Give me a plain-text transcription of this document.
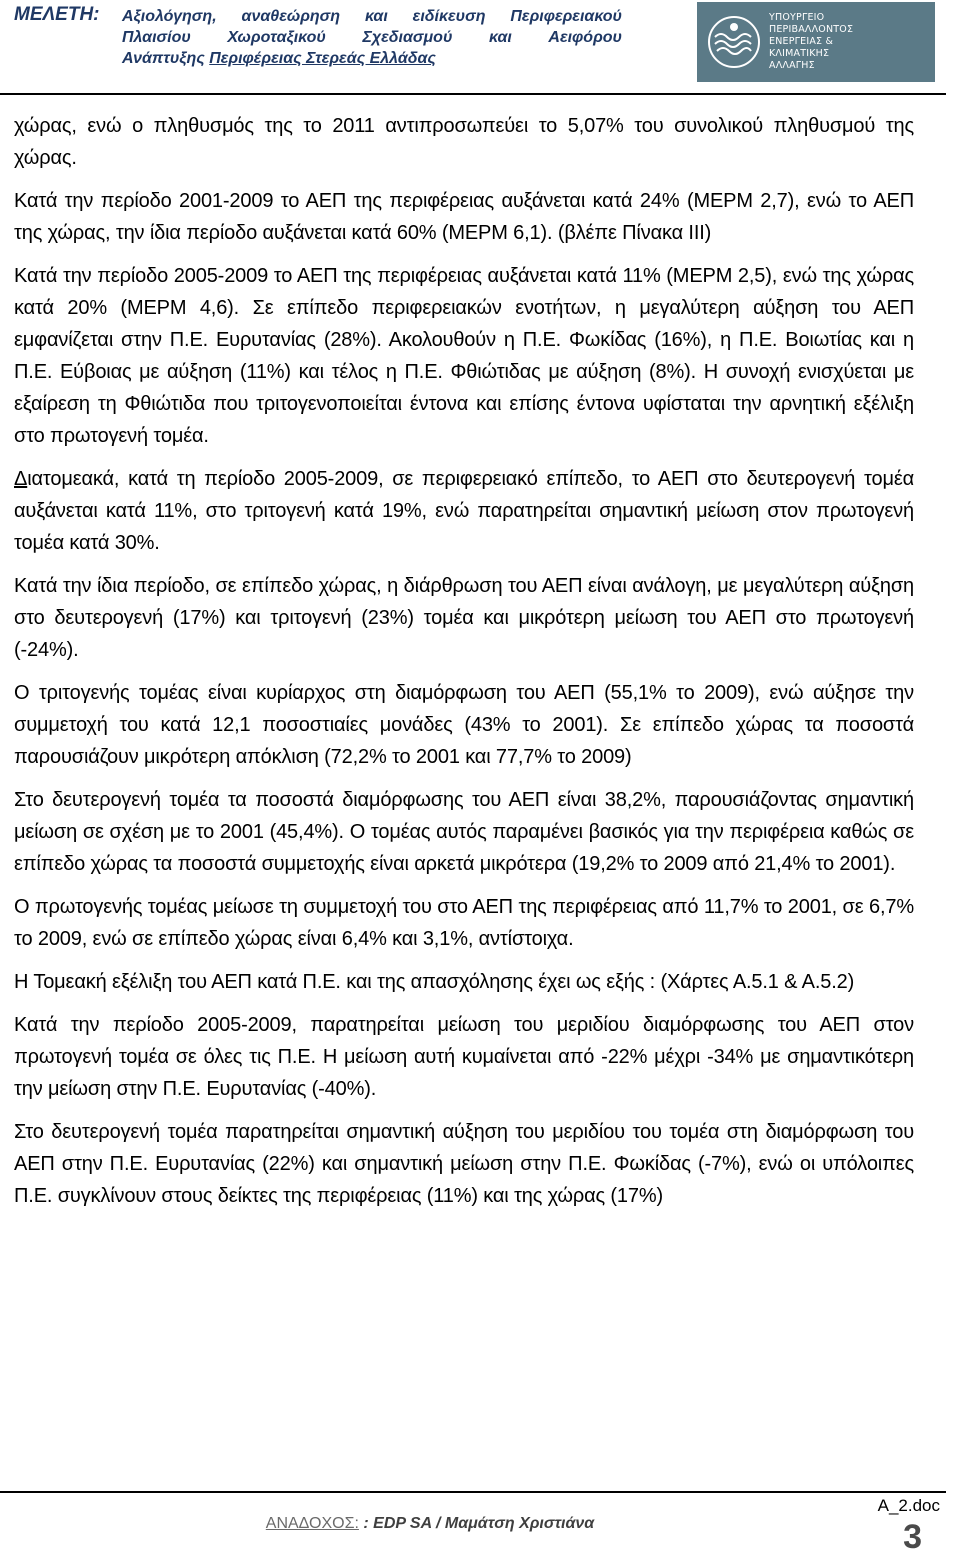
ΜΕΛΕΤΗ: Αξιολόγηση, αναθεώρηση και ειδίκευση Περιφερειακού
Πλαισίου Χωροταξικού Σχεδιασμού και Αειφόρου
Ανάπτυξης Περιφέρειας Στερεάς Ελλάδας
ΥΠΟΥΡΓΕΙΟ
ΠΕΡΙΒΑΛΛΟΝΤΟΣ
ΕΝΕΡΓΕΙΑΣ &
ΚΛΙΜΑΤΙΚΗΣ
ΑΛΛΑΓΗΣ

χώρας, ενώ ο πληθυσμός της το 2011 αντιπροσωπεύει το 5,07% του συνολικού πληθυσμού της χώρας.

Κατά την περίοδο 2001-2009 το ΑΕΠ της περιφέρειας αυξάνεται κατά 24% (ΜΕΡΜ 2,7), ενώ το ΑΕΠ της χώρας, την ίδια περίοδο αυξάνεται κατά 60% (ΜΕΡΜ 6,1). (βλέπε Πίνακα ΙΙΙ)

Κατά την περίοδο 2005-2009 το ΑΕΠ της περιφέρειας αυξάνεται κατά 11% (ΜΕΡΜ 2,5), ενώ της χώρας κατά 20% (ΜΕΡΜ 4,6). Σε επίπεδο περιφερειακών ενοτήτων, η μεγαλύτερη αύξηση του ΑΕΠ εμφανίζεται στην Π.Ε. Ευρυτανίας (28%). Ακολουθούν η Π.Ε. Φωκίδας (16%), η Π.Ε. Βοιωτίας και η Π.Ε. Εύβοιας με αύξηση (11%) και τέλος η Π.Ε. Φθιώτιδας με αύξηση (8%). Η συνοχή ενισχύεται με εξαίρεση τη Φθιώτιδα που τριτογενοποιείται έντονα και επίσης έντονα υφίσταται την αρνητική εξέλιξη στο πρωτογενή τομέα.

Διατομεακά, κατά τη περίοδο 2005-2009, σε περιφερειακό επίπεδο, το ΑΕΠ στο δευτερογενή τομέα αυξάνεται κατά 11%, στο τριτογενή κατά 19%, ενώ παρατηρείται σημαντική μείωση στον πρωτογενή τομέα κατά 30%.

Κατά την ίδια περίοδο, σε επίπεδο χώρας, η διάρθρωση του ΑΕΠ είναι ανάλογη, με μεγαλύτερη αύξηση στο δευτερογενή (17%) και τριτογενή (23%) τομέα και μικρότερη μείωση του ΑΕΠ στο πρωτογενή (-24%).

Ο τριτογενής τομέας είναι κυρίαρχος στη διαμόρφωση του ΑΕΠ (55,1% το 2009), ενώ αύξησε την συμμετοχή του κατά 12,1 ποσοστιαίες μονάδες (43% το 2001). Σε επίπεδο χώρας τα ποσοστά παρουσιάζουν μικρότερη απόκλιση (72,2% το 2001 και 77,7% το 2009)

Στο δευτερογενή τομέα τα ποσοστά διαμόρφωσης του ΑΕΠ είναι 38,2%, παρουσιάζοντας σημαντική μείωση σε σχέση με το 2001 (45,4%). Ο τομέας αυτός παραμένει βασικός για την περιφέρεια καθώς σε επίπεδο χώρας τα ποσοστά συμμετοχής είναι αρκετά μικρότερα (19,2% το 2009 από 21,4% το 2001).

Ο πρωτογενής τομέας μείωσε τη συμμετοχή του στο ΑΕΠ της περιφέρειας από 11,7% το 2001, σε 6,7% το 2009, ενώ σε επίπεδο χώρας είναι 6,4% και 3,1%, αντίστοιχα.

Η Τομεακή εξέλιξη του ΑΕΠ κατά Π.Ε. και της απασχόλησης έχει ως εξής : (Χάρτες Α.5.1 & Α.5.2)

Κατά την περίοδο 2005-2009, παρατηρείται μείωση του μεριδίου διαμόρφωσης του ΑΕΠ στον πρωτογενή τομέα σε όλες τις Π.Ε. Η μείωση αυτή κυμαίνεται από -22% μέχρι -34% με σημαντικότερη την μείωση στην Π.Ε. Ευρυτανίας (-40%).

Στο δευτερογενή τομέα παρατηρείται σημαντική αύξηση του μεριδίου του τομέα στη διαμόρφωση του ΑΕΠ στην Π.Ε. Ευρυτανίας (22%) και σημαντική μείωση στην Π.Ε. Φωκίδας (-7%), ενώ οι υπόλοιπες Π.Ε. συγκλίνουν στους δείκτες της περιφέρειας (11%) και της χώρας (17%)

ΑΝΑΔΟΧΟΣ: : EDP SA / Μαμάτση Χριστιάνα
A_2.doc
3
